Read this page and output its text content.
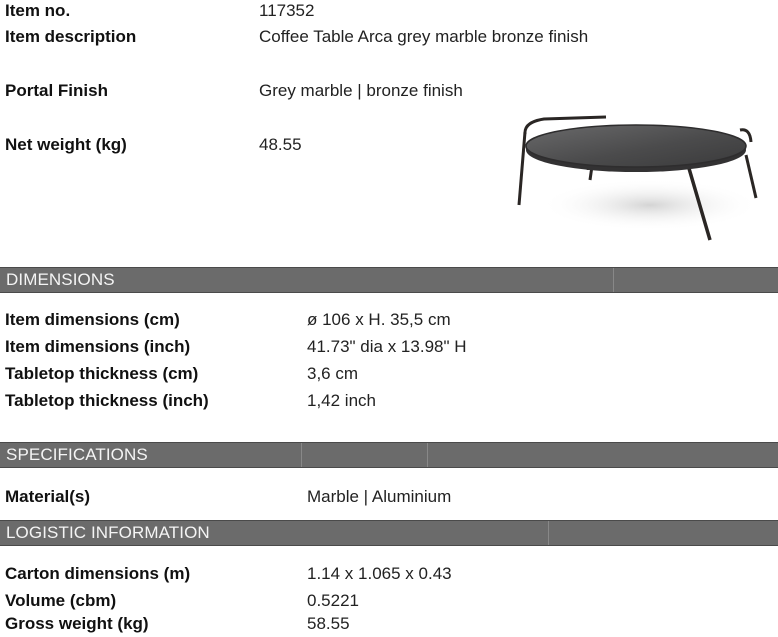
Item no.	117352
Item description	Coffee Table Arca grey marble bronze finish
Portal Finish	Grey marble | bronze finish
Net weight (kg)	48.55
DIMENSIONS
Item dimensions (cm)	ø 106 x H. 35,5 cm
Item dimensions (inch)	41.73" dia x 13.98" H
Tabletop thickness (cm)	3,6 cm
Tabletop thickness (inch)	1,42 inch
SPECIFICATIONS
Material(s)	Marble | Aluminium
LOGISTIC INFORMATION
Carton dimensions (m)	1.14 x 1.065 x 0.43
Volume (cbm)	0.5221
Gross weight (kg)	58.55
